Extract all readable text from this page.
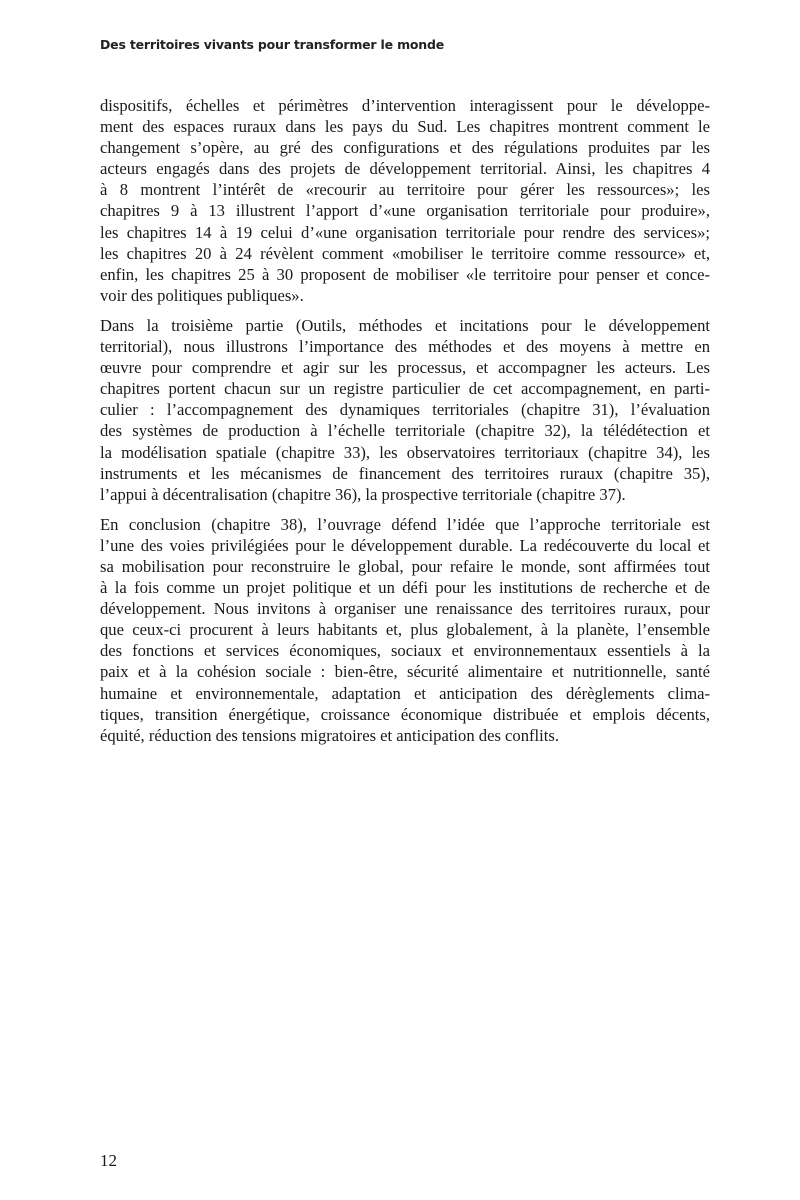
Des territoires vivants pour transformer le monde
dispositifs, échelles et périmètres d’intervention interagissent pour le développe-
ment des espaces ruraux dans les pays du Sud. Les chapitres montrent comment le
changement s’opère, au gré des configurations et des régulations produites par les
acteurs engagés dans des projets de développement territorial. Ainsi, les chapitres 4
à 8 montrent l’intérêt de «recourir au territoire pour gérer les ressources»; les
chapitres 9 à 13 illustrent l’apport d’«une organisation territoriale pour produire»,
les chapitres 14 à 19 celui d’«une organisation territoriale pour rendre des services»;
les chapitres 20 à 24 révèlent comment «mobiliser le territoire comme ressource» et,
enfin, les chapitres 25 à 30 proposent de mobiliser «le territoire pour penser et conce-
voir des politiques publiques».
Dans la troisième partie (Outils, méthodes et incitations pour le développement
territorial), nous illustrons l’importance des méthodes et des moyens à mettre en
œuvre pour comprendre et agir sur les processus, et accompagner les acteurs. Les
chapitres portent chacun sur un registre particulier de cet accompagnement, en parti-
culier : l’accompagnement des dynamiques territoriales (chapitre 31), l’évaluation
des systèmes de production à l’échelle territoriale (chapitre 32), la télédétection et
la modélisation spatiale (chapitre 33), les observatoires territoriaux (chapitre 34), les
instruments et les mécanismes de financement des territoires ruraux (chapitre 35),
l’appui à décentralisation (chapitre 36), la prospective territoriale (chapitre 37).
En conclusion (chapitre 38), l’ouvrage défend l’idée que l’approche territoriale est
l’une des voies privilégiées pour le développement durable. La redécouverte du local et
sa mobilisation pour reconstruire le global, pour refaire le monde, sont affirmées tout
à la fois comme un projet politique et un défi pour les institutions de recherche et de
développement. Nous invitons à organiser une renaissance des territoires ruraux, pour
que ceux-ci procurent à leurs habitants et, plus globalement, à la planète, l’ensemble
des fonctions et services économiques, sociaux et environnementaux essentiels à la
paix et à la cohésion sociale : bien-être, sécurité alimentaire et nutritionnelle, santé
humaine et environnementale, adaptation et anticipation des dérèglements clima-
tiques, transition énergétique, croissance économique distribuée et emplois décents,
équité, réduction des tensions migratoires et anticipation des conflits.
12
